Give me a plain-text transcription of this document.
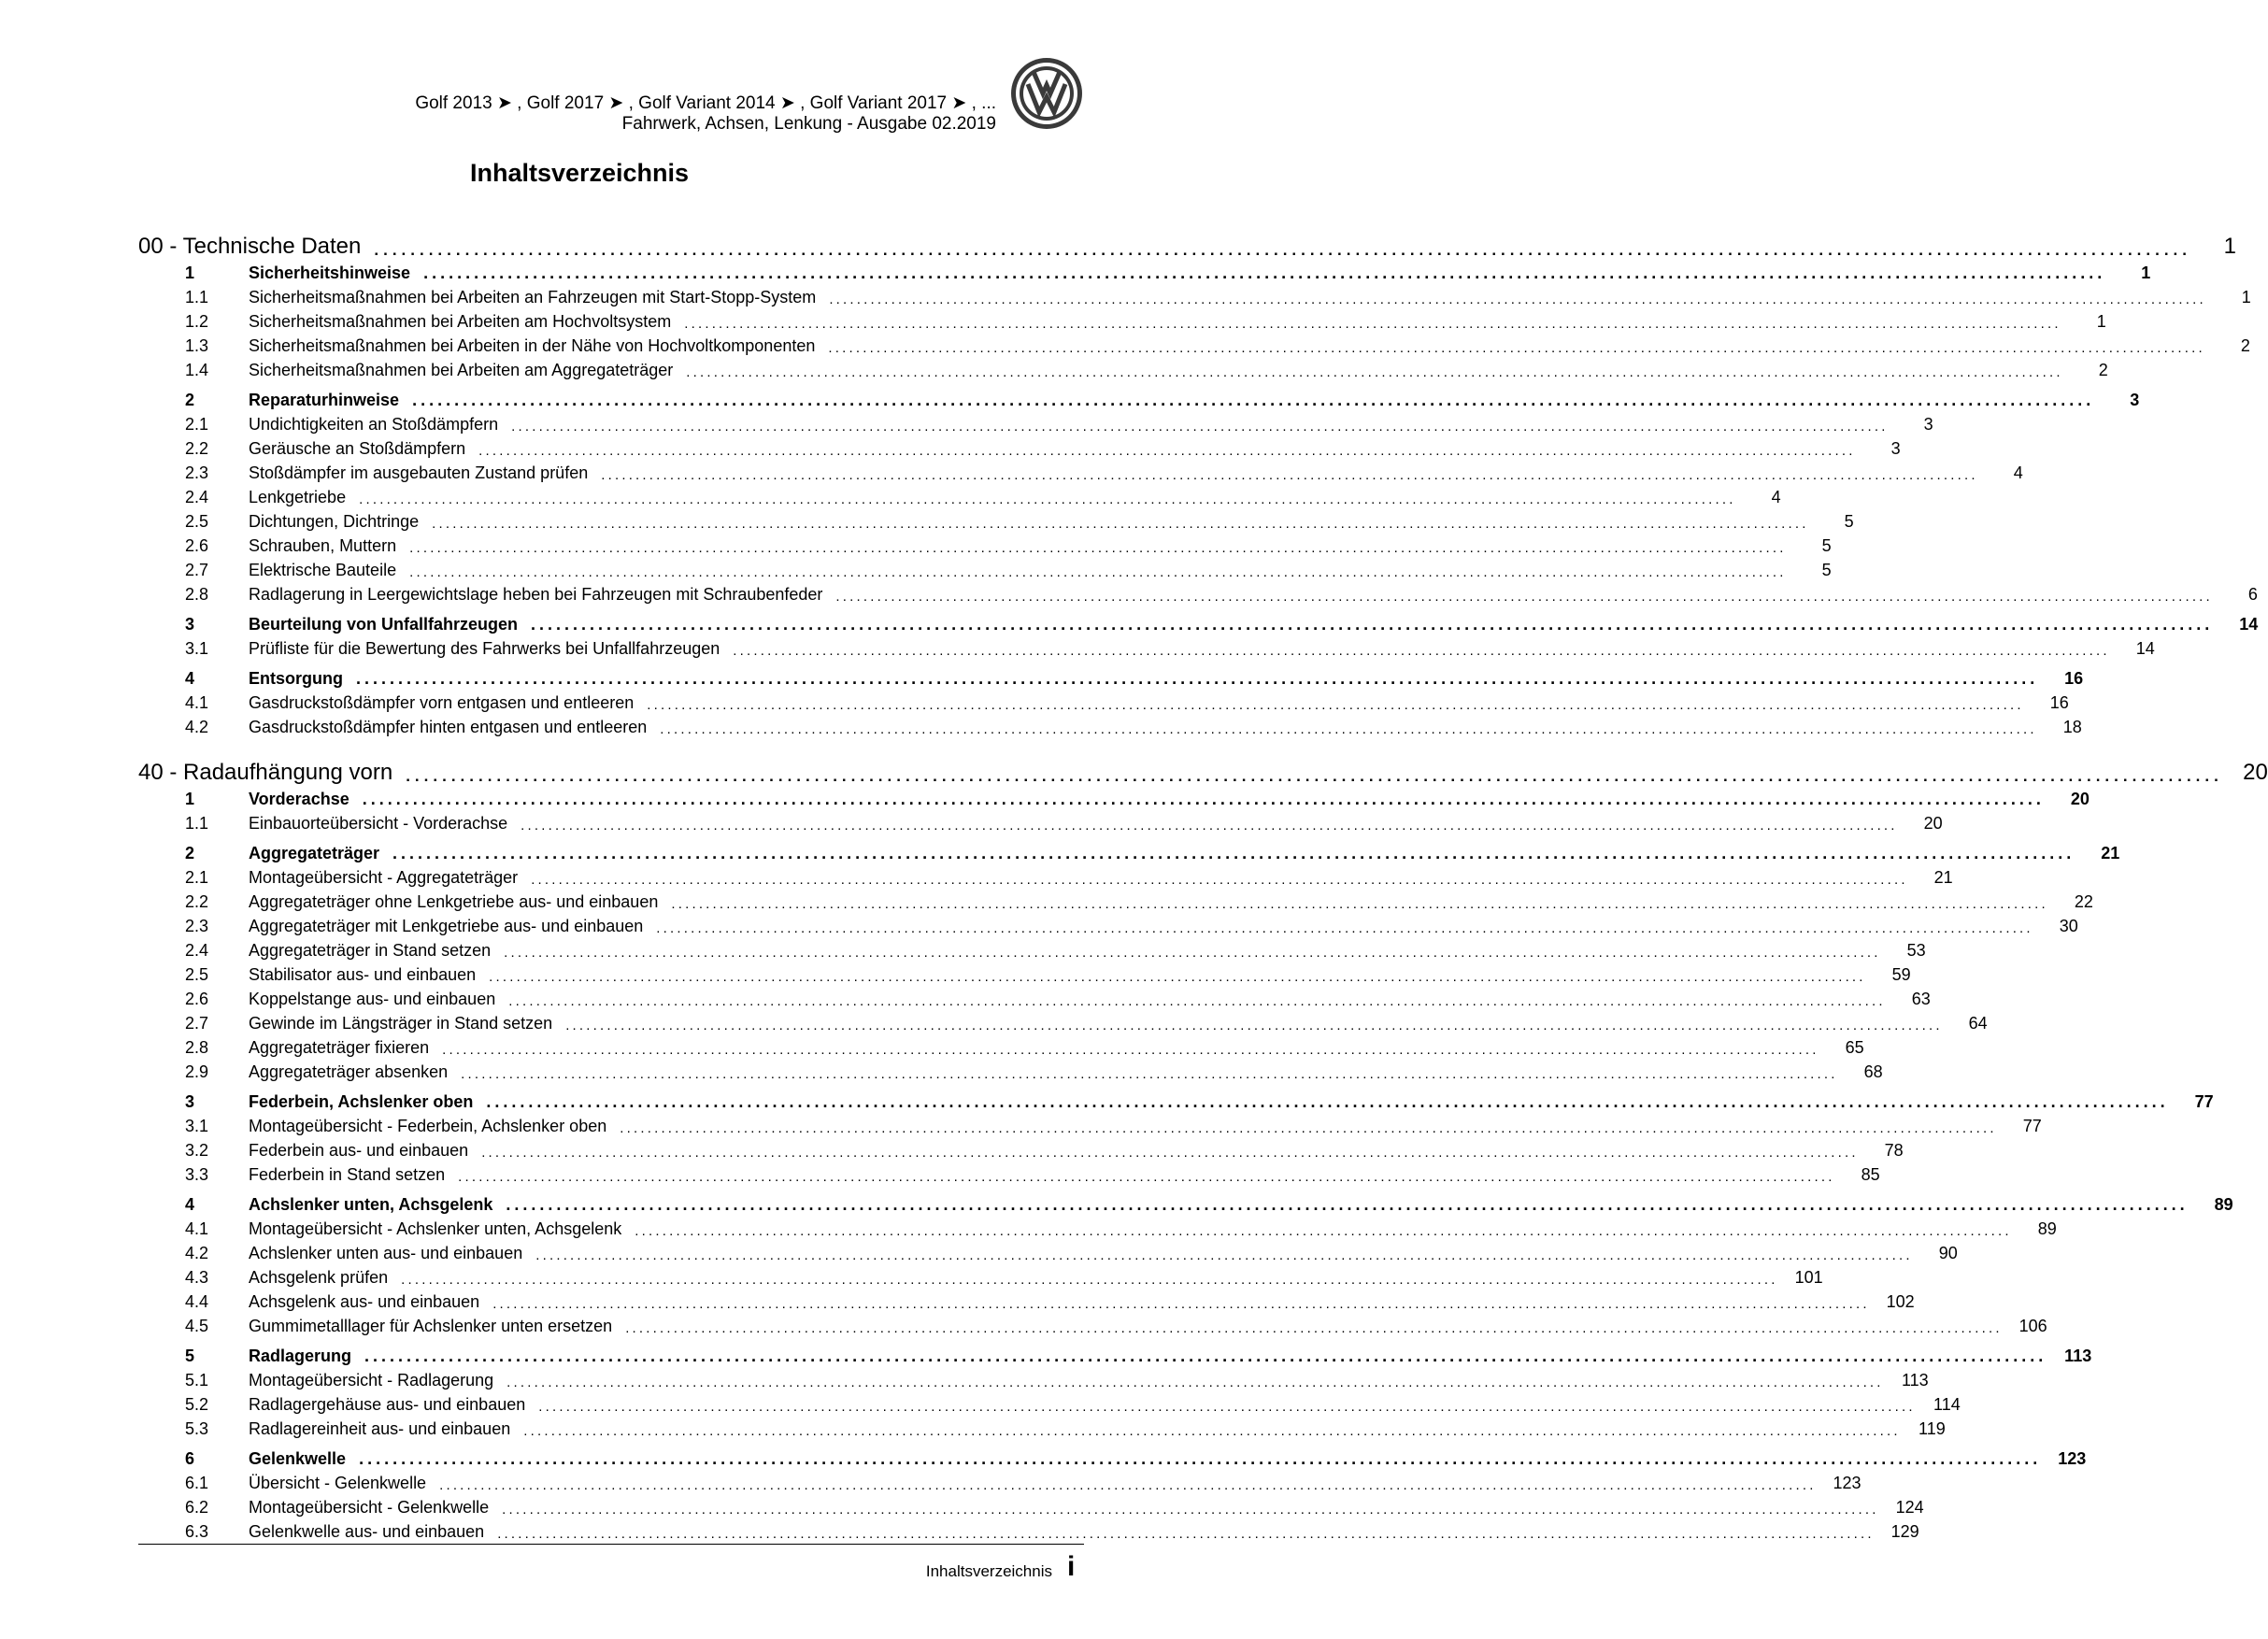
Golf 2013 ➤ , Golf 2017 ➤ , Golf Variant 2014 ➤ , Golf Variant 2017 ➤ , ...
Fahrwerk, Achsen, Lenkung - Ausgabe 02.2019
Inhaltsverzeichnis
00 - Technische Daten ........................................................................................................................................................................................................	1
1	Sicherheitshinweise ........................................................................................................................................................................................................	1
1.1 Sicherheitsmaßnahmen bei Arbeiten an Fahrzeugen mit Start-Stopp-System ........................................................................................................................................................................................................	1
1.2 Sicherheitsmaßnahmen bei Arbeiten am Hochvoltsystem ........................................................................................................................................................................................................	1
1.3 Sicherheitsmaßnahmen bei Arbeiten in der Nähe von Hochvoltkomponenten ........................................................................................................................................................................................................	2
1.4 Sicherheitsmaßnahmen bei Arbeiten am Aggregateträger ........................................................................................................................................................................................................	2
2	Reparaturhinweise ........................................................................................................................................................................................................	3
2.1 Undichtigkeiten an Stoßdämpfern ........................................................................................................................................................................................................	3
2.2 Geräusche an Stoßdämpfern ........................................................................................................................................................................................................	3
2.3 Stoßdämpfer im ausgebauten Zustand prüfen ........................................................................................................................................................................................................	4
2.4 Lenkgetriebe ........................................................................................................................................................................................................	4
2.5 Dichtungen, Dichtringe ........................................................................................................................................................................................................	5
2.6 Schrauben, Muttern ........................................................................................................................................................................................................	5
2.7 Elektrische Bauteile ........................................................................................................................................................................................................	5
2.8 Radlagerung in Leergewichtslage heben bei Fahrzeugen mit Schraubenfeder ........................................................................................................................................................................................................	6
3	Beurteilung von Unfallfahrzeugen ........................................................................................................................................................................................................	14
3.1 Prüfliste für die Bewertung des Fahrwerks bei Unfallfahrzeugen ........................................................................................................................................................................................................	14
4	Entsorgung ........................................................................................................................................................................................................	16
4.1 Gasdruckstoßdämpfer vorn entgasen und entleeren ........................................................................................................................................................................................................	16
4.2 Gasdruckstoßdämpfer hinten entgasen und entleeren ........................................................................................................................................................................................................	18
40 - Radaufhängung vorn ........................................................................................................................................................................................................ 20
1	Vorderachse ........................................................................................................................................................................................................	20
1.1 Einbauorteübersicht - Vorderachse ........................................................................................................................................................................................................	20
2	Aggregateträger ........................................................................................................................................................................................................	21
2.1 Montageübersicht - Aggregateträger ........................................................................................................................................................................................................	21
2.2 Aggregateträger ohne Lenkgetriebe aus- und einbauen ........................................................................................................................................................................................................	22
2.3 Aggregateträger mit Lenkgetriebe aus- und einbauen ........................................................................................................................................................................................................	30
2.4 Aggregateträger in Stand setzen ........................................................................................................................................................................................................	53
2.5 Stabilisator aus- und einbauen ........................................................................................................................................................................................................	59
2.6 Koppelstange aus- und einbauen ........................................................................................................................................................................................................	63
2.7 Gewinde im Längsträger in Stand setzen ........................................................................................................................................................................................................	64
2.8 Aggregateträger fixieren ........................................................................................................................................................................................................	65
2.9 Aggregateträger absenken ........................................................................................................................................................................................................	68
3	Federbein, Achslenker oben ........................................................................................................................................................................................................	77
3.1 Montageübersicht - Federbein, Achslenker oben ........................................................................................................................................................................................................	77
3.2 Federbein aus- und einbauen ........................................................................................................................................................................................................	78
3.3 Federbein in Stand setzen ........................................................................................................................................................................................................	85
4	Achslenker unten, Achsgelenk ........................................................................................................................................................................................................	89
4.1 Montageübersicht - Achslenker unten, Achsgelenk ........................................................................................................................................................................................................	89
4.2 Achslenker unten aus- und einbauen ........................................................................................................................................................................................................	90
4.3 Achsgelenk prüfen ........................................................................................................................................................................................................ 101
4.4 Achsgelenk aus- und einbauen ........................................................................................................................................................................................................ 102
4.5 Gummimetalllager für Achslenker unten ersetzen ........................................................................................................................................................................................................ 106
5	Radlagerung ........................................................................................................................................................................................................	113
5.1 Montageübersicht - Radlagerung ........................................................................................................................................................................................................	113
5.2 Radlagergehäuse aus- und einbauen ........................................................................................................................................................................................................	114
5.3 Radlagereinheit aus- und einbauen ........................................................................................................................................................................................................	119
6	Gelenkwelle ........................................................................................................................................................................................................ 123
6.1 Übersicht - Gelenkwelle ........................................................................................................................................................................................................ 123
6.2 Montageübersicht - Gelenkwelle ........................................................................................................................................................................................................ 124
6.3 Gelenkwelle aus- und einbauen ........................................................................................................................................................................................................ 129
Inhaltsverzeichnis i
